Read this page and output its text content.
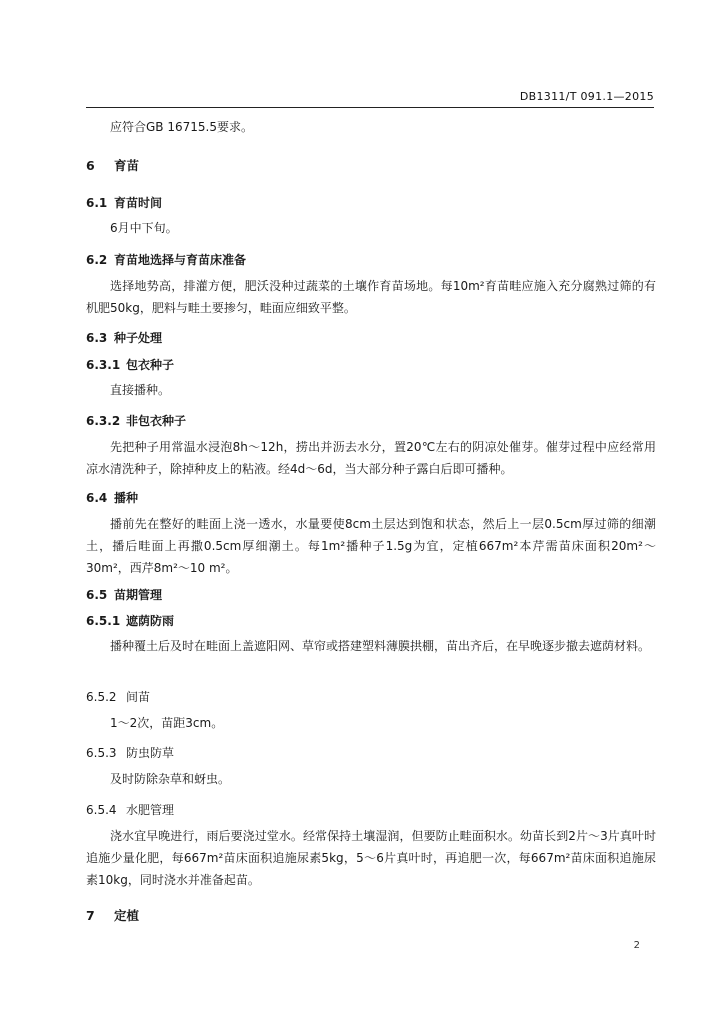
DB1311/T 091.1—2015
应符合GB 16715.5要求。
6 育苗
6.1 育苗时间
6月中下旬。
6.2 育苗地选择与育苗床准备
选择地势高，排灌方便，肥沃没种过蔬菜的土壤作育苗场地。每10m²育苗畦应施入充分腐熟过筛的有机肥50kg，肥料与畦土要掺匀，畦面应细致平整。
6.3 种子处理
6.3.1 包衣种子
直接播种。
6.3.2 非包衣种子
先把种子用常温水浸泡8h～12h，捞出并沥去水分，置20℃左右的阴凉处催芽。催芽过程中应经常用凉水清洗种子，除掉种皮上的粘液。经4d～6d，当大部分种子露白后即可播种。
6.4 播种
播前先在整好的畦面上浇一透水，水量要使8cm土层达到饱和状态，然后上一层0.5cm厚过筛的细潮土，播后畦面上再撒0.5cm厚细潮土。每1m²播种子1.5g为宜，定植667m²本芹需苗床面积20m²～30m²，西芹8m²～10 m²。
6.5 苗期管理
6.5.1 遮荫防雨
播种覆土后及时在畦面上盖遮阳网、草帘或搭建塑料薄膜拱棚，苗出齐后，在早晚逐步撤去遮荫材料。
6.5.2 间苗
1～2次，苗距3cm。
6.5.3 防虫防草
及时防除杂草和蚜虫。
6.5.4 水肥管理
浇水宜早晚进行，雨后要浇过堂水。经常保持土壤湿润，但要防止畦面积水。幼苗长到2片～3片真叶时追施少量化肥，每667m²苗床面积追施尿素5kg，5～6片真叶时，再追肥一次，每667m²苗床面积追施尿素10kg，同时浇水并准备起苗。
7 定植
2
